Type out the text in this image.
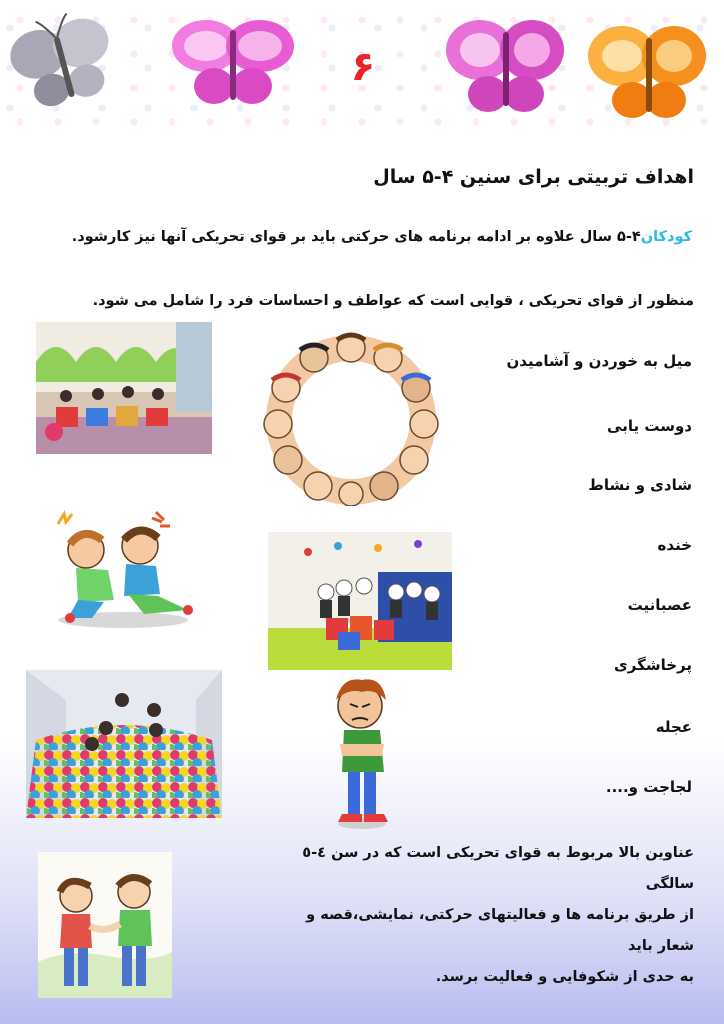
۶
اهداف تربیتی برای سنین ۴-۵ سال
کودکان۴-۵ سال علاوه بر ادامه برنامه های حرکتی باید بر قوای تحریکی آنها نیز کارشود.
منظور از قوای تحریکی ، قوایی است که عواطف و احساسات فرد را شامل می شود.
میل به خوردن و آشامیدن
دوست یابی
شادی و نشاط
خنده
عصبانیت
پرخاشگری
عجله
لجاجت و....
عناوین بالا مربوط به قوای تحریکی است که در سن ٤-٥ سالگی
از طریق برنامه ها و فعالیتهای حرکتی، نمایشی،قصه و شعار باید
به حدی از شکوفایی و فعالیت برسد.
